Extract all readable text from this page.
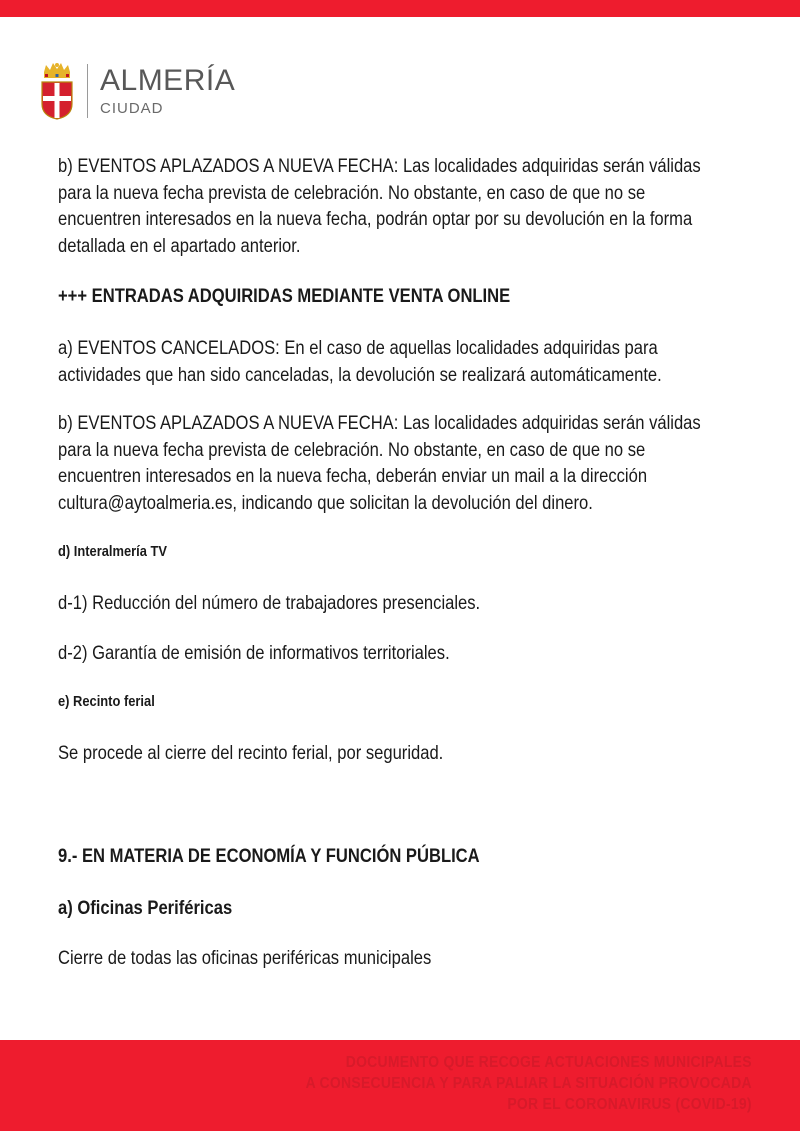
ALMERÍA
CIUDAD

b) EVENTOS APLAZADOS A NUEVA FECHA: Las localidades adquiridas serán válidas
para la nueva fecha prevista de celebración. No obstante, en caso de que no se
encuentren interesados en la nueva fecha, podrán optar por su devolución en la forma
detallada en el apartado anterior.

+++ ENTRADAS ADQUIRIDAS MEDIANTE VENTA ONLINE

a) EVENTOS CANCELADOS: En el caso de aquellas localidades adquiridas para
actividades que han sido canceladas, la devolución se realizará automáticamente.

b) EVENTOS APLAZADOS A NUEVA FECHA: Las localidades adquiridas serán válidas
para la nueva fecha prevista de celebración. No obstante, en caso de que no se
encuentren interesados en la nueva fecha, deberán enviar un mail a la dirección
cultura@aytoalmeria.es, indicando que solicitan la devolución del dinero.

d) Interalmería TV

d-1) Reducción del número de trabajadores presenciales.

d-2) Garantía de emisión de informativos territoriales.

e) Recinto ferial

Se procede al cierre del recinto ferial, por seguridad.

9.- EN MATERIA DE ECONOMÍA Y FUNCIÓN PÚBLICA

a) Oficinas Periféricas

Cierre de todas las oficinas periféricas municipales

DOCUMENTO QUE RECOGE ACTUACIONES MUNICIPALES
A CONSECUENCIA Y PARA PALIAR LA SITUACIÓN PROVOCADA
POR EL CORONAVIRUS (COVID-19)
